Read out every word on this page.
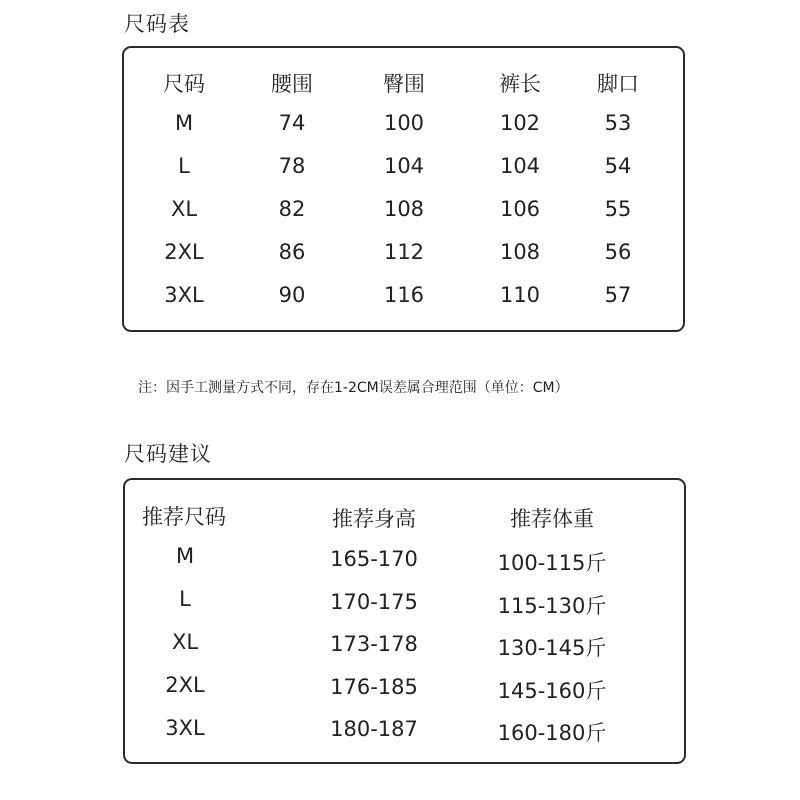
尺码表
尺码	腰围	臀围	裤长	脚口
M	74	100	102	53
L	78	104	104	54
XL	82	108	106	55
2XL	86	112	108	56
3XL	90	116	110	57
注：因手工测量方式不同，存在1-2CM误差属合理范围（单位：CM）
尺码建议
推荐尺码	推荐身高	推荐体重
M	165-170	100-115斤
L	170-175	115-130斤
XL	173-178	130-145斤
2XL	176-185	145-160斤
3XL	180-187	160-180斤
